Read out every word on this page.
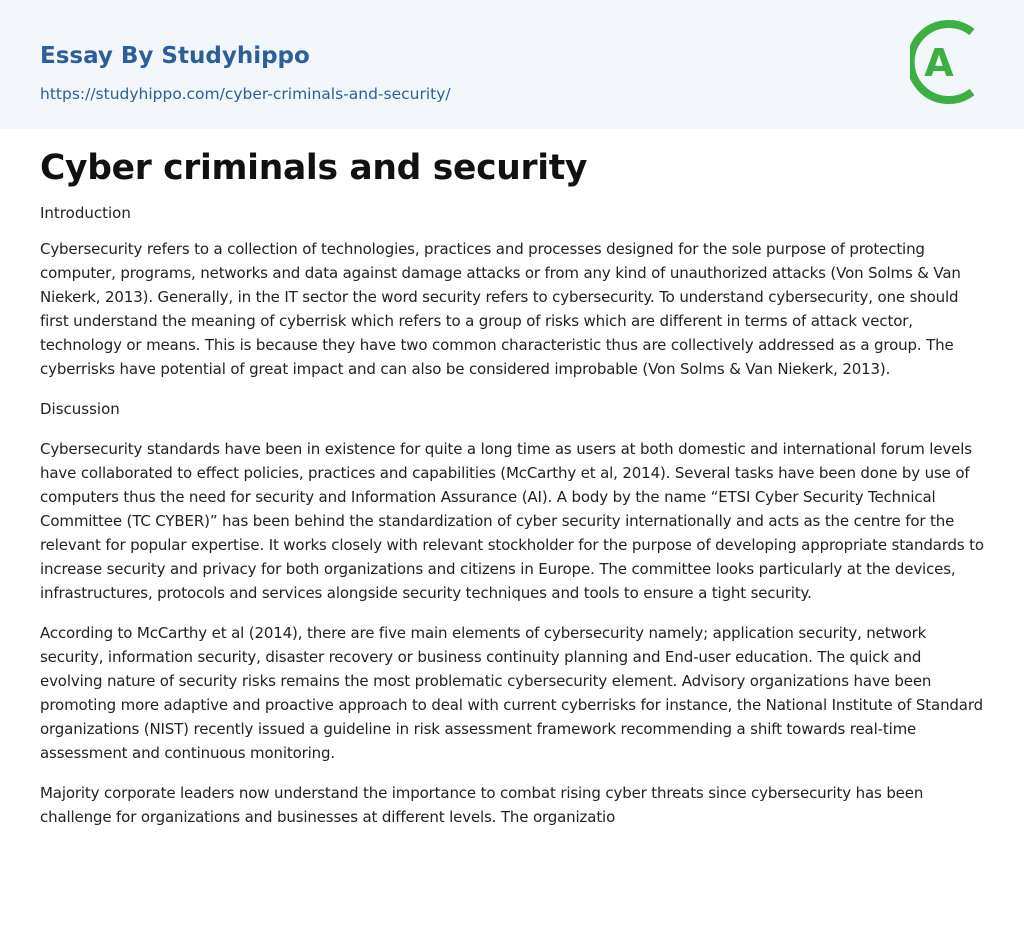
Essay By Studyhippo
https://studyhippo.com/cyber-criminals-and-security/
A
Cyber criminals and security

Introduction

Cybersecurity refers to a collection of technologies, practices and processes designed for the sole purpose of protecting computer, programs, networks and data against damage attacks or from any kind of unauthorized attacks (Von Solms & Van Niekerk, 2013). Generally, in the IT sector the word security refers to cybersecurity. To understand cybersecurity, one should first understand the meaning of cyberrisk which refers to a group of risks which are different in terms of attack vector, technology or means. This is because they have two common characteristic thus are collectively addressed as a group. The cyberrisks have potential of great impact and can also be considered improbable (Von Solms & Van Niekerk, 2013).

Discussion

Cybersecurity standards have been in existence for quite a long time as users at both domestic and international forum levels have collaborated to effect policies, practices and capabilities (McCarthy et al, 2014). Several tasks have been done by use of computers thus the need for security and Information Assurance (AI). A body by the name “ETSI Cyber Security Technical Committee (TC CYBER)” has been behind the standardization of cyber security internationally and acts as the centre for the relevant for popular expertise. It works closely with relevant stockholder for the purpose of developing appropriate standards to increase security and privacy for both organizations and citizens in Europe. The committee looks particularly at the devices, infrastructures, protocols and services alongside security techniques and tools to ensure a tight security.

According to McCarthy et al (2014), there are five main elements of cybersecurity namely; application security, network security, information security, disaster recovery or business continuity planning and End-user education. The quick and evolving nature of security risks remains the most problematic cybersecurity element. Advisory organizations have been promoting more adaptive and proactive approach to deal with current cyberrisks for instance, the National Institute of Standard organizations (NIST) recently issued a guideline in risk assessment framework recommending a shift towards real-time assessment and continuous monitoring.

Majority corporate leaders now understand the importance to combat rising cyber threats since cybersecurity has been challenge for organizations and businesses at different levels. The organizatio
